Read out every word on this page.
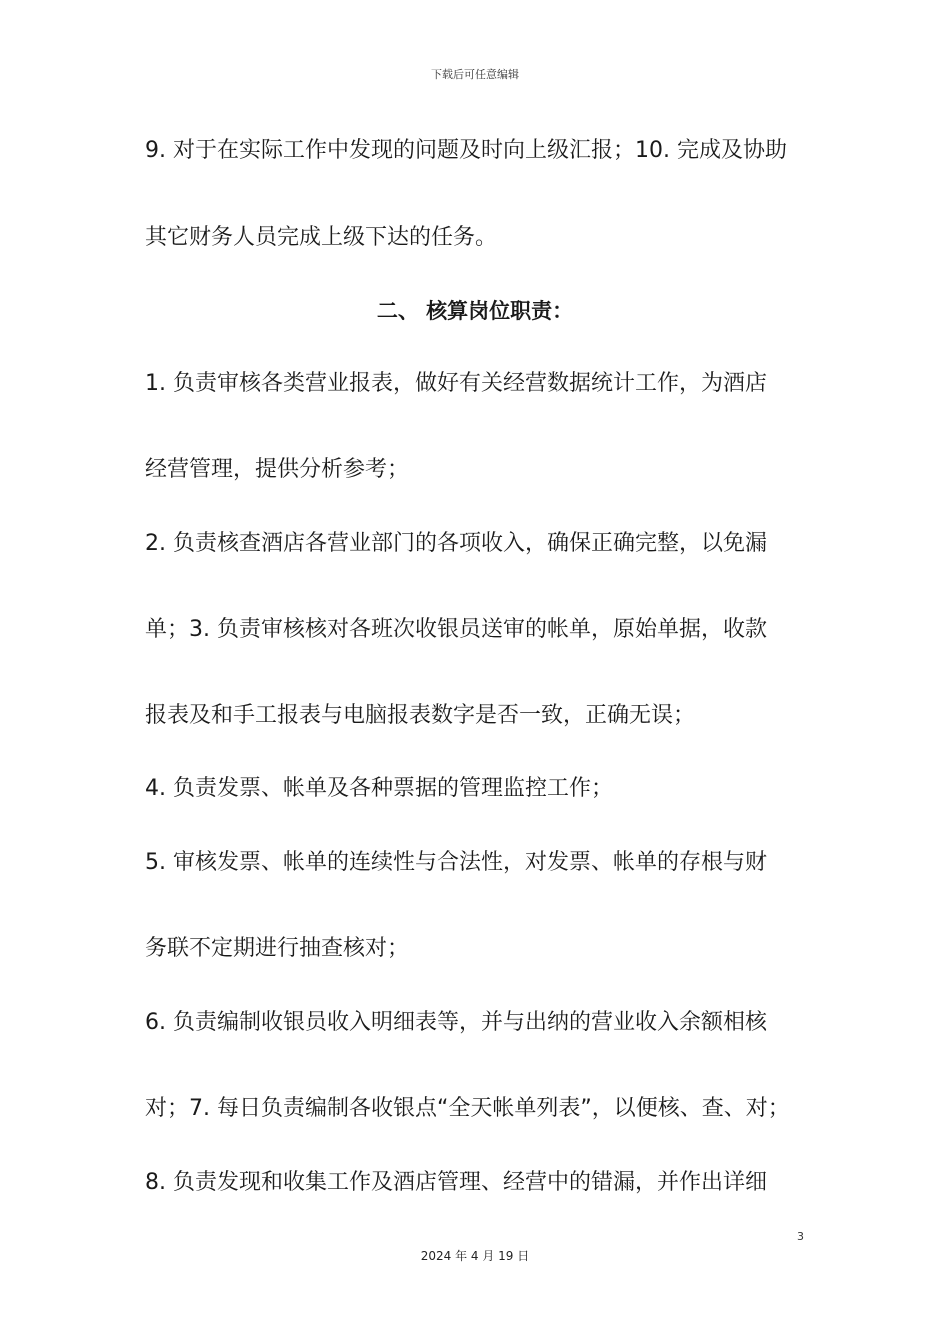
下载后可任意编辑
9. 对于在实际工作中发现的问题及时向上级汇报；10. 完成及协助
其它财务人员完成上级下达的任务。
二、 核算岗位职责：
1. 负责审核各类营业报表，做好有关经营数据统计工作，为酒店
经营管理，提供分析参考；
2. 负责核查酒店各营业部门的各项收入，确保正确完整，以免漏
单；3. 负责审核核对各班次收银员送审的帐单，原始单据，收款
报表及和手工报表与电脑报表数字是否一致，正确无误；
4. 负责发票、帐单及各种票据的管理监控工作；
5. 审核发票、帐单的连续性与合法性，对发票、帐单的存根与财
务联不定期进行抽查核对；
6. 负责编制收银员收入明细表等，并与出纳的营业收入余额相核
对；7. 每日负责编制各收银点“全天帐单列表”，以便核、查、对；
8. 负责发现和收集工作及酒店管理、经营中的错漏，并作出详细
3
2024 年 4 月 19 日
